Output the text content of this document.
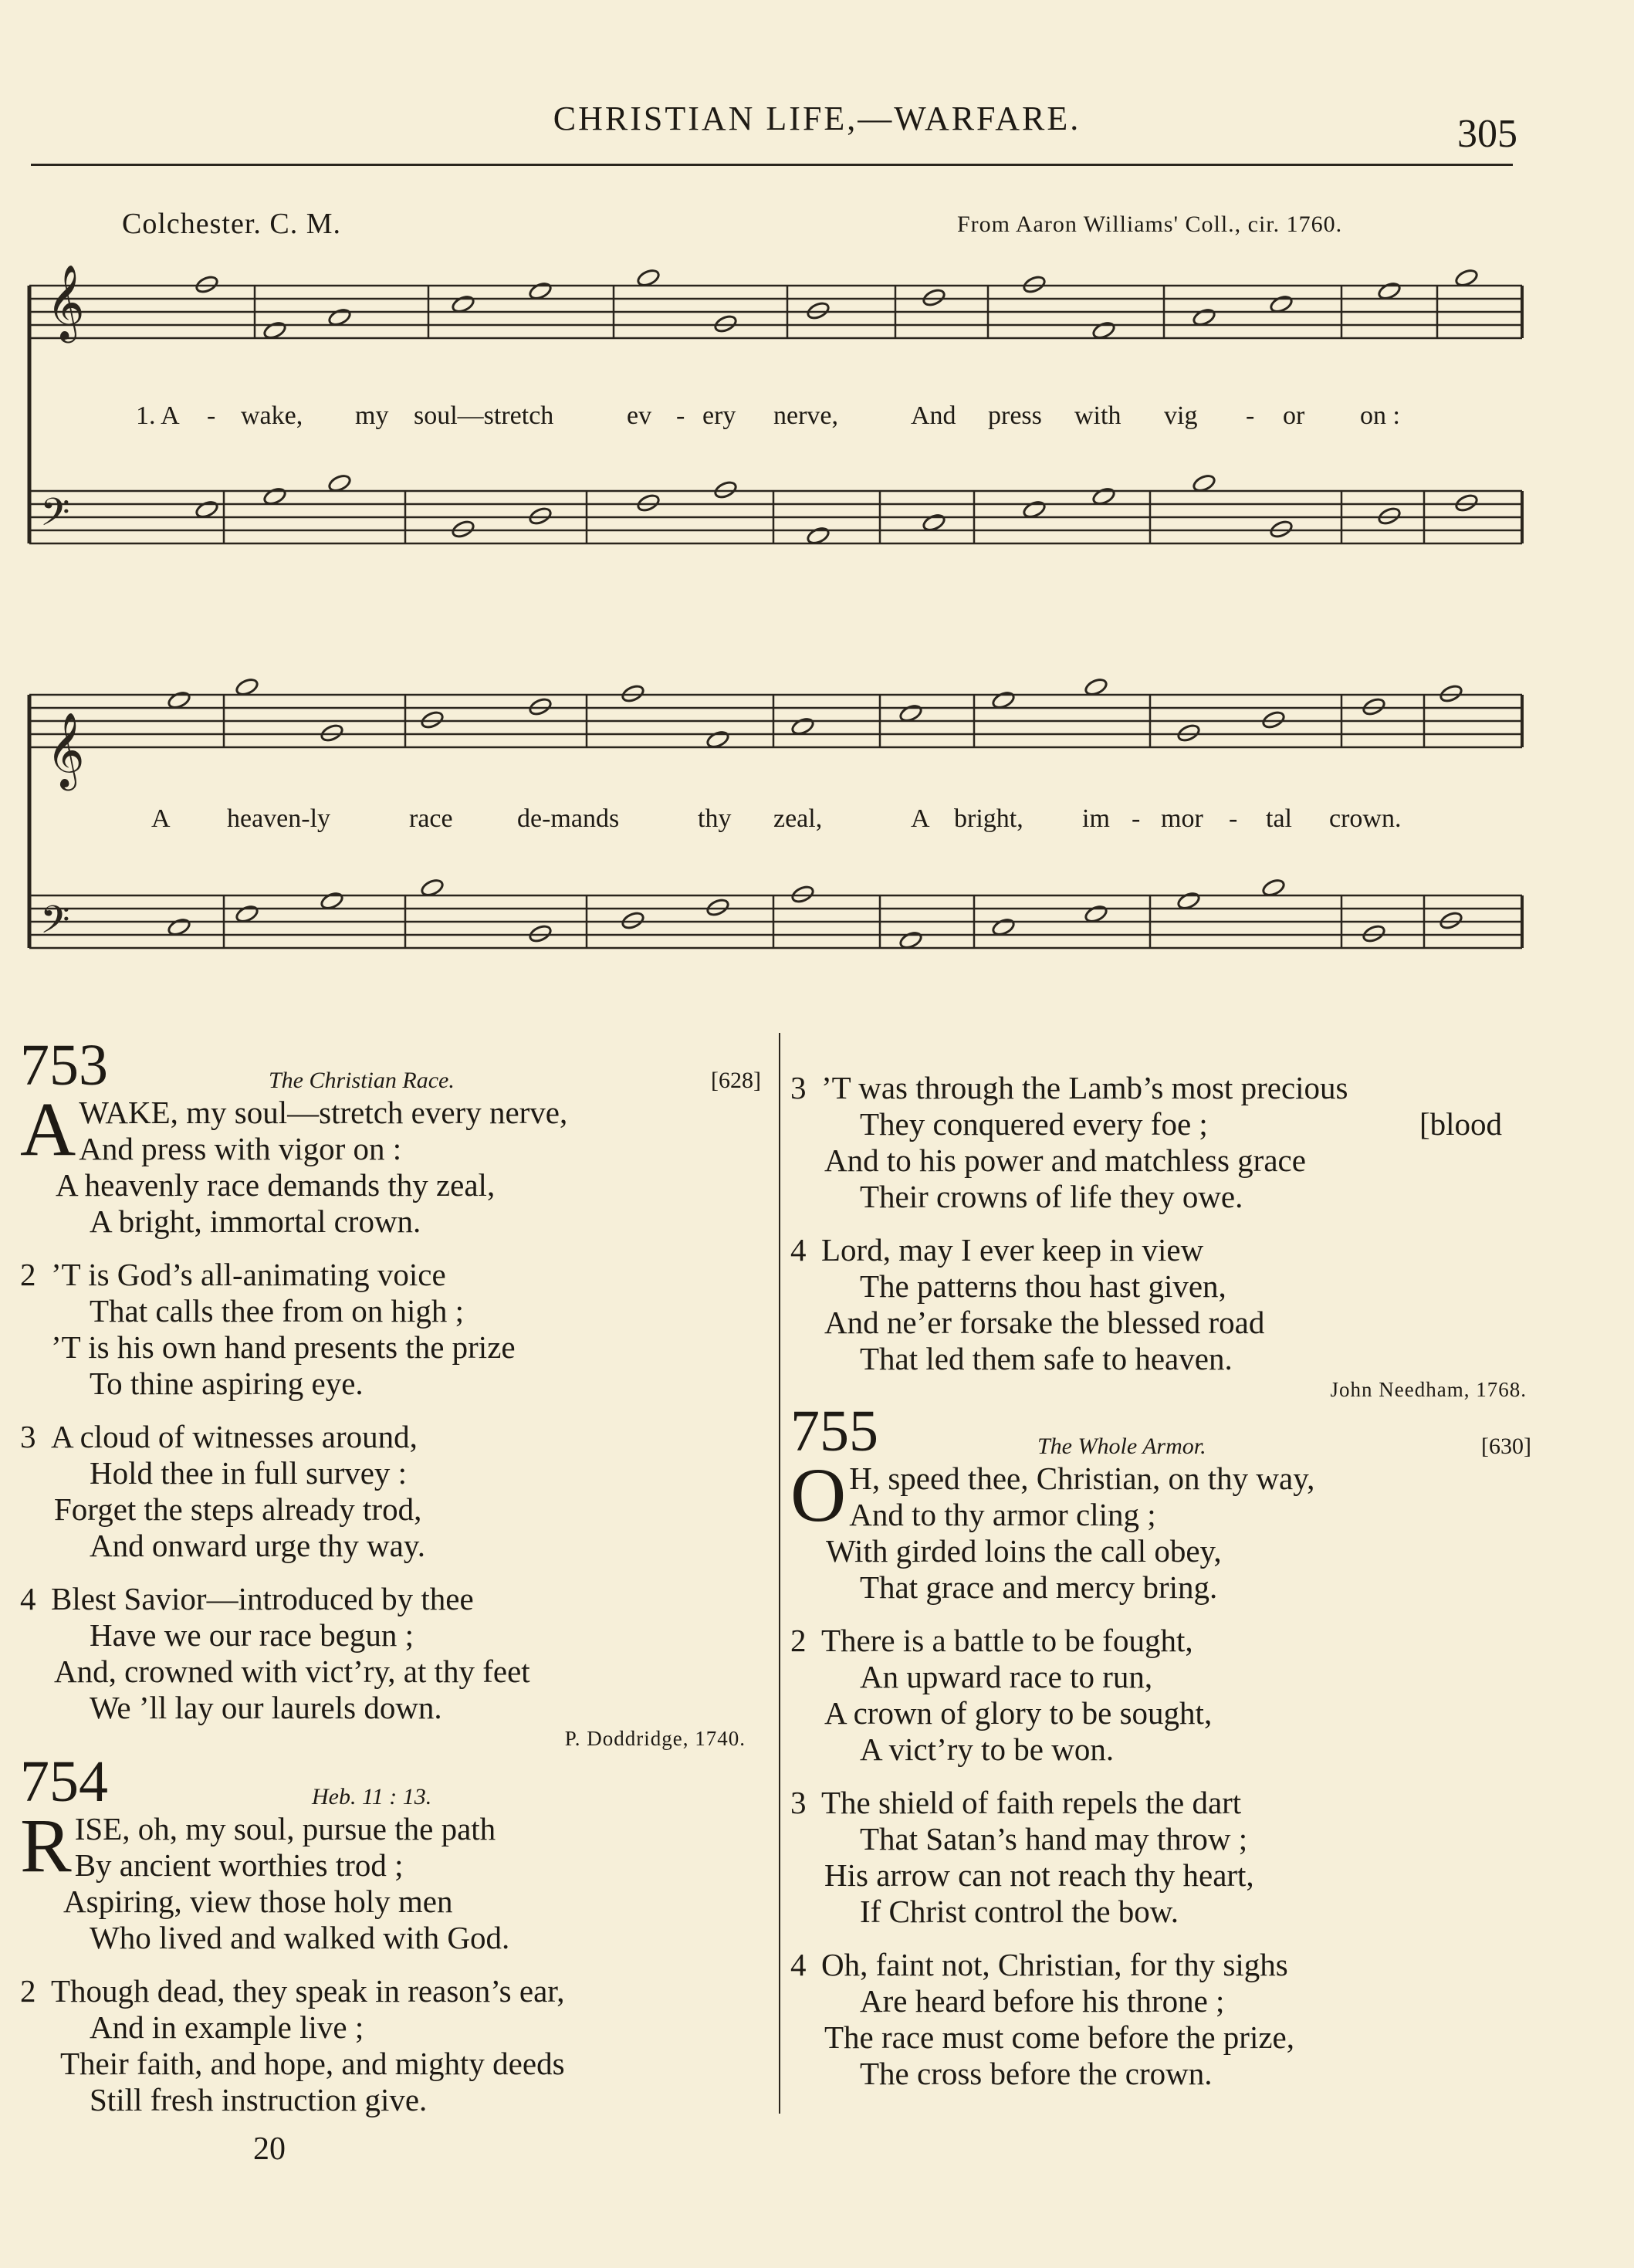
CHRISTIAN LIFE,—WARFARE.	305
Colchester. C. M.	From Aaron Williams' Coll., cir. 1760.
𝄞
𝄞
𝄢
𝄢
1. A - wake, my soul—stretch	ev - ery nerve,	And press with vig - or on :
A heaven-ly	race de-mands	thy zeal,	A bright, im - mor - tal crown.
753	The Christian Race.	[628]
A WAKE, my soul—stretch every nerve,
And press with vigor on :
A heavenly race demands thy zeal,
A bright, immortal crown.
2 ’T is God’s all-animating voice
That calls thee from on high ;
’T is his own hand presents the prize
To thine aspiring eye.
3 A cloud of witnesses around,
Hold thee in full survey :
Forget the steps already trod,
And onward urge thy way.
4 Blest Savior—introduced by thee
Have we our race begun ;
And, crowned with vict’ry, at thy feet
We ’ll lay our laurels down.
P. Doddridge, 1740.
754	Heb. 11 : 13.
R ISE, oh, my soul, pursue the path
By ancient worthies trod ;
Aspiring, view those holy men
Who lived and walked with God.
2 Though dead, they speak in reason’s ear,
And in example live ;
Their faith, and hope, and mighty deeds
Still fresh instruction give.
3 ’T was through the Lamb’s most precious
They conquered every foe ;	[blood
And to his power and matchless grace
Their crowns of life they owe.
4 Lord, may I ever keep in view
The patterns thou hast given,
And ne’er forsake the blessed road
That led them safe to heaven.
John Needham, 1768.
755	The Whole Armor.	[630]
O H, speed thee, Christian, on thy way,
And to thy armor cling ;
With girded loins the call obey,
That grace and mercy bring.
2 There is a battle to be fought,
An upward race to run,
A crown of glory to be sought,
A vict’ry to be won.
3 The shield of faith repels the dart
That Satan’s hand may throw ;
His arrow can not reach thy heart,
If Christ control the bow.
4 Oh, faint not, Christian, for thy sighs
Are heard before his throne ;
The race must come before the prize,
The cross before the crown.
20
